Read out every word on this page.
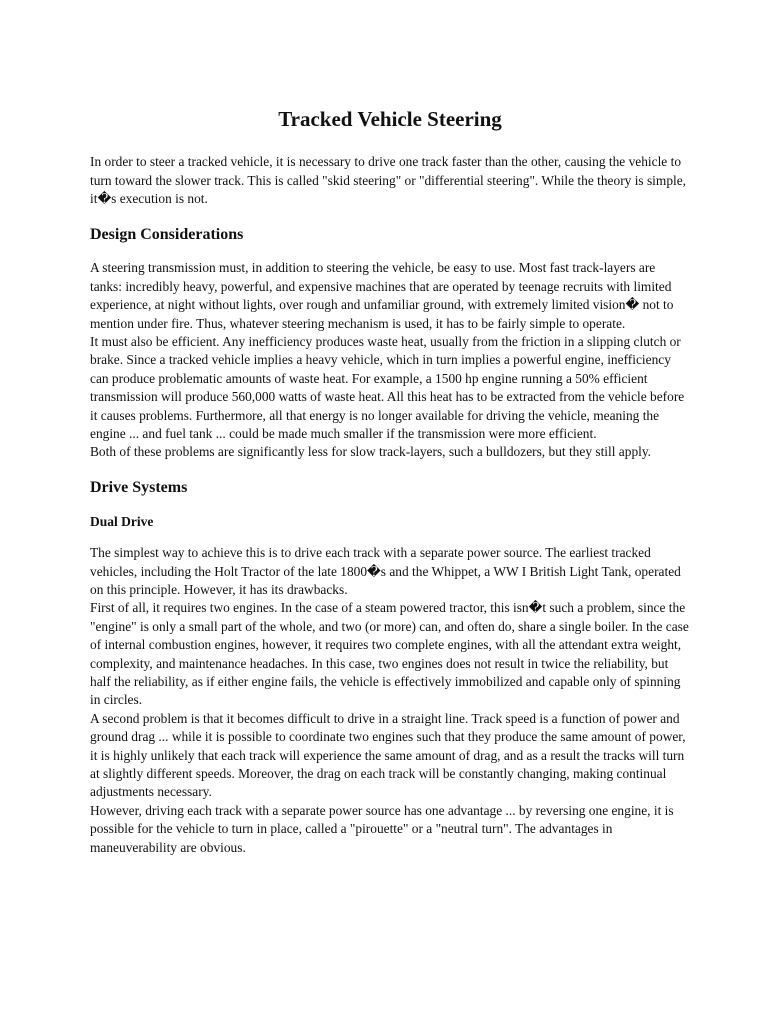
Tracked Vehicle Steering

In order to steer a tracked vehicle, it is necessary to drive one track faster than the other, causing the vehicle to turn toward the slower track. This is called "skid steering" or "differential steering". While the theory is simple, it�s execution is not.

Design Considerations

A steering transmission must, in addition to steering the vehicle, be easy to use. Most fast track-layers are tanks: incredibly heavy, powerful, and expensive machines that are operated by teenage recruits with limited experience, at night without lights, over rough and unfamiliar ground, with extremely limited vision� not to mention under fire. Thus, whatever steering mechanism is used, it has to be fairly simple to operate.

It must also be efficient. Any inefficiency produces waste heat, usually from the friction in a slipping clutch or brake. Since a tracked vehicle implies a heavy vehicle, which in turn implies a powerful engine, inefficiency can produce problematic amounts of waste heat. For example, a 1500 hp engine running a 50% efficient transmission will produce 560,000 watts of waste heat. All this heat has to be extracted from the vehicle before it causes problems. Furthermore, all that energy is no longer available for driving the vehicle, meaning the engine ... and fuel tank ... could be made much smaller if the transmission were more efficient.

Both of these problems are significantly less for slow track-layers, such a bulldozers, but they still apply.

Drive Systems
Dual Drive

The simplest way to achieve this is to drive each track with a separate power source. The earliest tracked vehicles, including the Holt Tractor of the late 1800�s and the Whippet, a WW I British Light Tank, operated on this principle. However, it has its drawbacks.

First of all, it requires two engines. In the case of a steam powered tractor, this isn�t such a problem, since the "engine" is only a small part of the whole, and two (or more) can, and often do, share a single boiler. In the case of internal combustion engines, however, it requires two complete engines, with all the attendant extra weight, complexity, and maintenance headaches. In this case, two engines does not result in twice the reliability, but half the reliability, as if either engine fails, the vehicle is effectively immobilized and capable only of spinning in circles.

A second problem is that it becomes difficult to drive in a straight line. Track speed is a function of power and ground drag ... while it is possible to coordinate two engines such that they produce the same amount of power, it is highly unlikely that each track will experience the same amount of drag, and as a result the tracks will turn at slightly different speeds. Moreover, the drag on each track will be constantly changing, making continual adjustments necessary.

However, driving each track with a separate power source has one advantage ... by reversing one engine, it is possible for the vehicle to turn in place, called a "pirouette" or a "neutral turn". The advantages in maneuverability are obvious.
